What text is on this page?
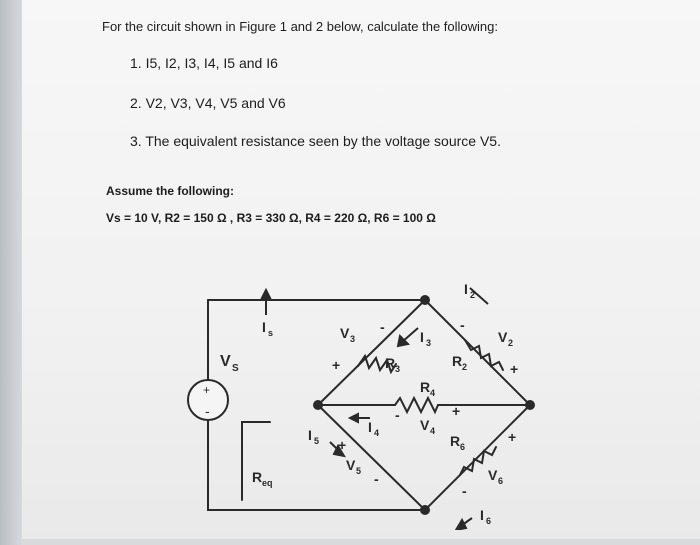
For the circuit shown in Figure 1 and 2 below, calculate the following:
1. I5, I2, I3, I4, I5 and I6
2. V2, V3, V4, V5 and V6
3. The equivalent resistance seen by the voltage source V5.
Assume the following:
Vs = 10 V, R2 = 150 Ω , R3 = 330 Ω, R4 = 220 Ω, R6 = 100 Ω
+
-
V S
I s
R eq
V 3
+
-
R 3
I 3
I 2
-
R 2
V 2
+
R 4
+
V 4
-
I 4
I 5 +
V 5 -
R 6
+
V 6
-
I 6
